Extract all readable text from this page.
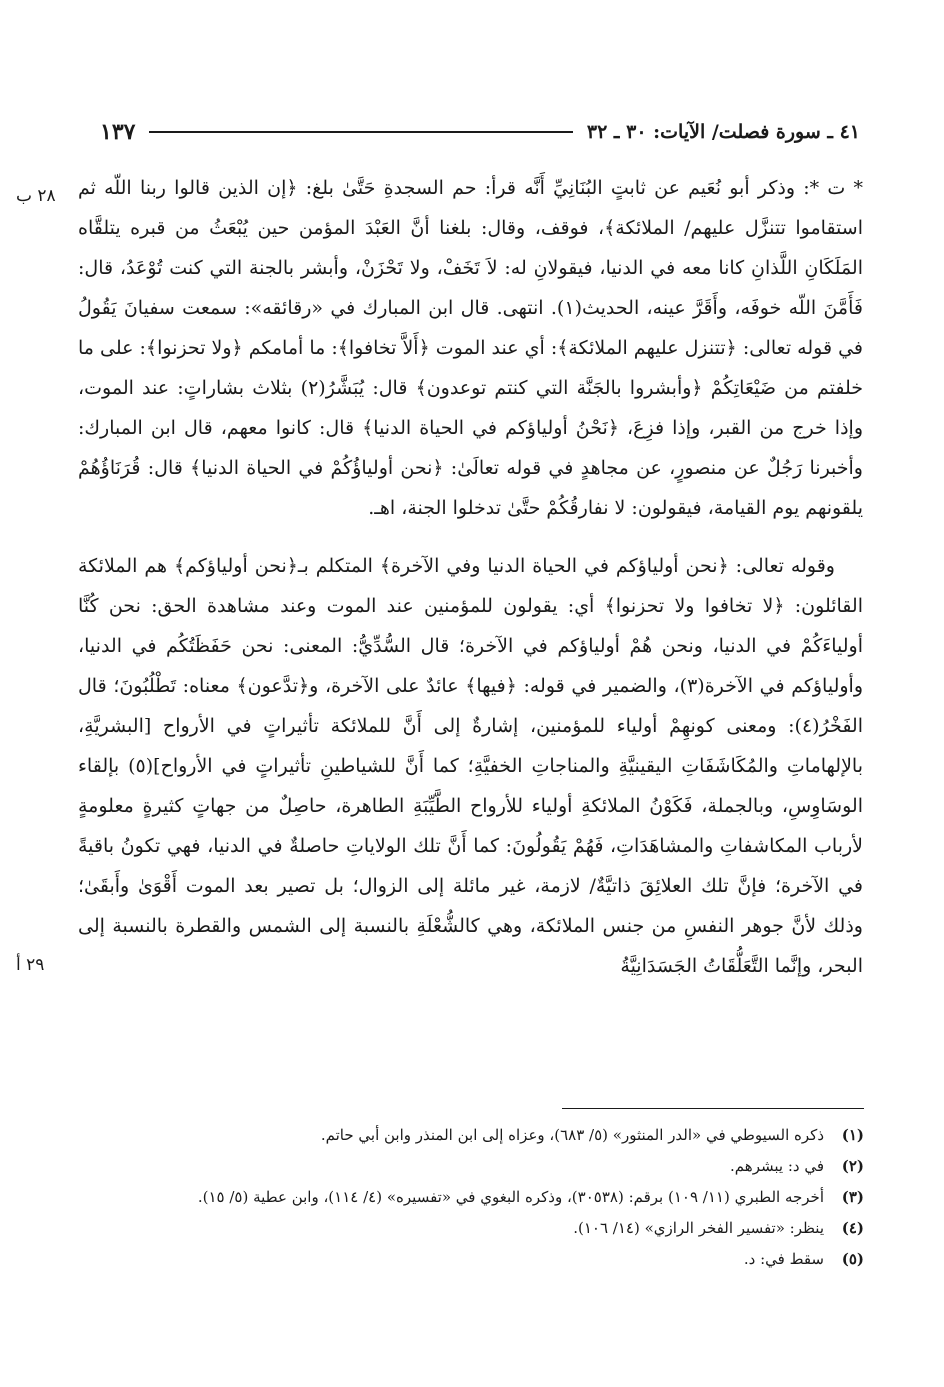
٤١ ـ سورة فصلت/ الآيات: ٣٠ ـ ٣٢
١٣٧
٢٨ ب
٢٩ أ

* ت *: وذكر أبو نُعَيم عن ثابتٍ البُنَانِيِّ أَنَّه قرأ: حم السجدةِ حَتَّىٰ بلغ: ﴿إن الذين قالوا ربنا اللّه ثم استقاموا تتنزَّل عليهم/ الملائكة﴾، فوقف، وقال: بلغنا أنَّ العَبْدَ المؤمن حين يُبْعَثُ من قبره يتلقَّاه المَلَكَانِ اللَّذانِ كانا معه في الدنيا، فيقولانِ له: لاَ تَخَفْ، ولا تَحْزَنْ، وأبشر بالجنة التي كنت تُوْعَدُ، قال: فَأَمَّنَ اللّه خوفَه، وأَقَرَّ عينه، الحديث(١). انتهى. قال ابن المبارك في «رقائقه»: سمعت سفيانَ يَقُولُ في قوله تعالى: ﴿تتنزل عليهم الملائكة﴾: أي عند الموت ﴿أَلاَّ تخافوا﴾: ما أمامكم ﴿ولا تحزنوا﴾: على ما خلفتم من ضَيْعَاتِكُمْ ﴿وأبشروا بالجَنَّة التي كنتم توعدون﴾ قال: يُبَشَّرُ(٢) بثلاث بشاراتٍ: عند الموت، وإذا خرج من القبر، وإذا فزِعَ، ﴿نَحْنُ أولياؤكم في الحياة الدنيا﴾ قال: كانوا معهم، قال ابن المبارك: وأخبرنا رَجُلٌ عن منصورٍ، عن مجاهدٍ في قوله تعالَىٰ: ﴿نحن أولياؤُكُمْ في الحياة الدنيا﴾ قال: قُرَنَاؤُهُمْ يلقونهم يوم القيامة، فيقولون: لا نفارقُكُمْ حتَّىٰ تدخلوا الجنة، اهـ.

وقوله تعالى: ﴿نحن أولياؤكم في الحياة الدنيا وفي الآخرة﴾ المتكلم بـ﴿نحن أولياؤكم﴾ هم الملائكة القائلون: ﴿لا تخافوا ولا تحزنوا﴾ أي: يقولون للمؤمنين عند الموت وعند مشاهدة الحق: نحن كُنَّا أولياءَكُمْ في الدنيا، ونحن هُمْ أولياؤكم في الآخرة؛ قال السُّدِّيُّ: المعنى: نحن حَفَظَتُكُم في الدنيا، وأولياؤكم في الآخرة(٣)، والضمير في قوله: ﴿فيها﴾ عائدٌ على الآخرة، و﴿تدَّعون﴾ معناه: تَطْلُبُونَ؛ قال الفَخْرُ(٤): ومعنى كونهِمْ أولياء للمؤمنين، إشارةٌ إلى أَنَّ للملائكة تأثيراتٍ في الأرواح [البشريَّةِ، بالإلهاماتِ والمُكَاشَفَاتِ اليقينيَّةِ والمناجاتِ الخفيَّةِ؛ كما أَنَّ للشياطينِ تأثيراتٍ في الأرواح](٥) بإلقاء الوسَاوِسِ، وبالجملة، فَكَوْنُ الملائكةِ أولياء للأرواح الطَّيِّبَةِ الطاهرة، حاصِلٌ من جهاتٍ كثيرةٍ معلومةٍ لأرباب المكاشفاتِ والمشاهَدَاتِ، فَهُمْ يَقُولُونَ: كما أَنَّ تلك الولاياتِ حاصلةٌ في الدنيا، فهي تكونُ باقيةً في الآخرة؛ فإنَّ تلك العلائِقَ ذاتيَّةٌ/ لازمة، غير مائلة إلى الزوال؛ بل تصير بعد الموت أَقْوَىٰ وأَبقَىٰ؛ وذلك لأنَّ جوهر النفسِ من جنس الملائكة، وهي كالشُّعْلَةِ بالنسبة إلى الشمس والقطرة بالنسبة إلى البحر، وإنَّما التَّعَلُّقَاتُ الجَسَدَانِيَّةُ

(١)
ذكره السيوطي في «الدر المنثور» (٥/ ٦٨٣)، وعزاه إلى ابن المنذر وابن أبي حاتم.
(٢)
في د: يبشرهم.
(٣)
أخرجه الطبري (١١/ ١٠٩) برقم: (٣٠٥٣٨)، وذكره البغوي في «تفسيره» (٤/ ١١٤)، وابن عطية (٥/ ١٥).
(٤)
ينظر: «تفسير الفخر الرازي» (١٤/ ١٠٦).
(٥)
سقط في: د.
